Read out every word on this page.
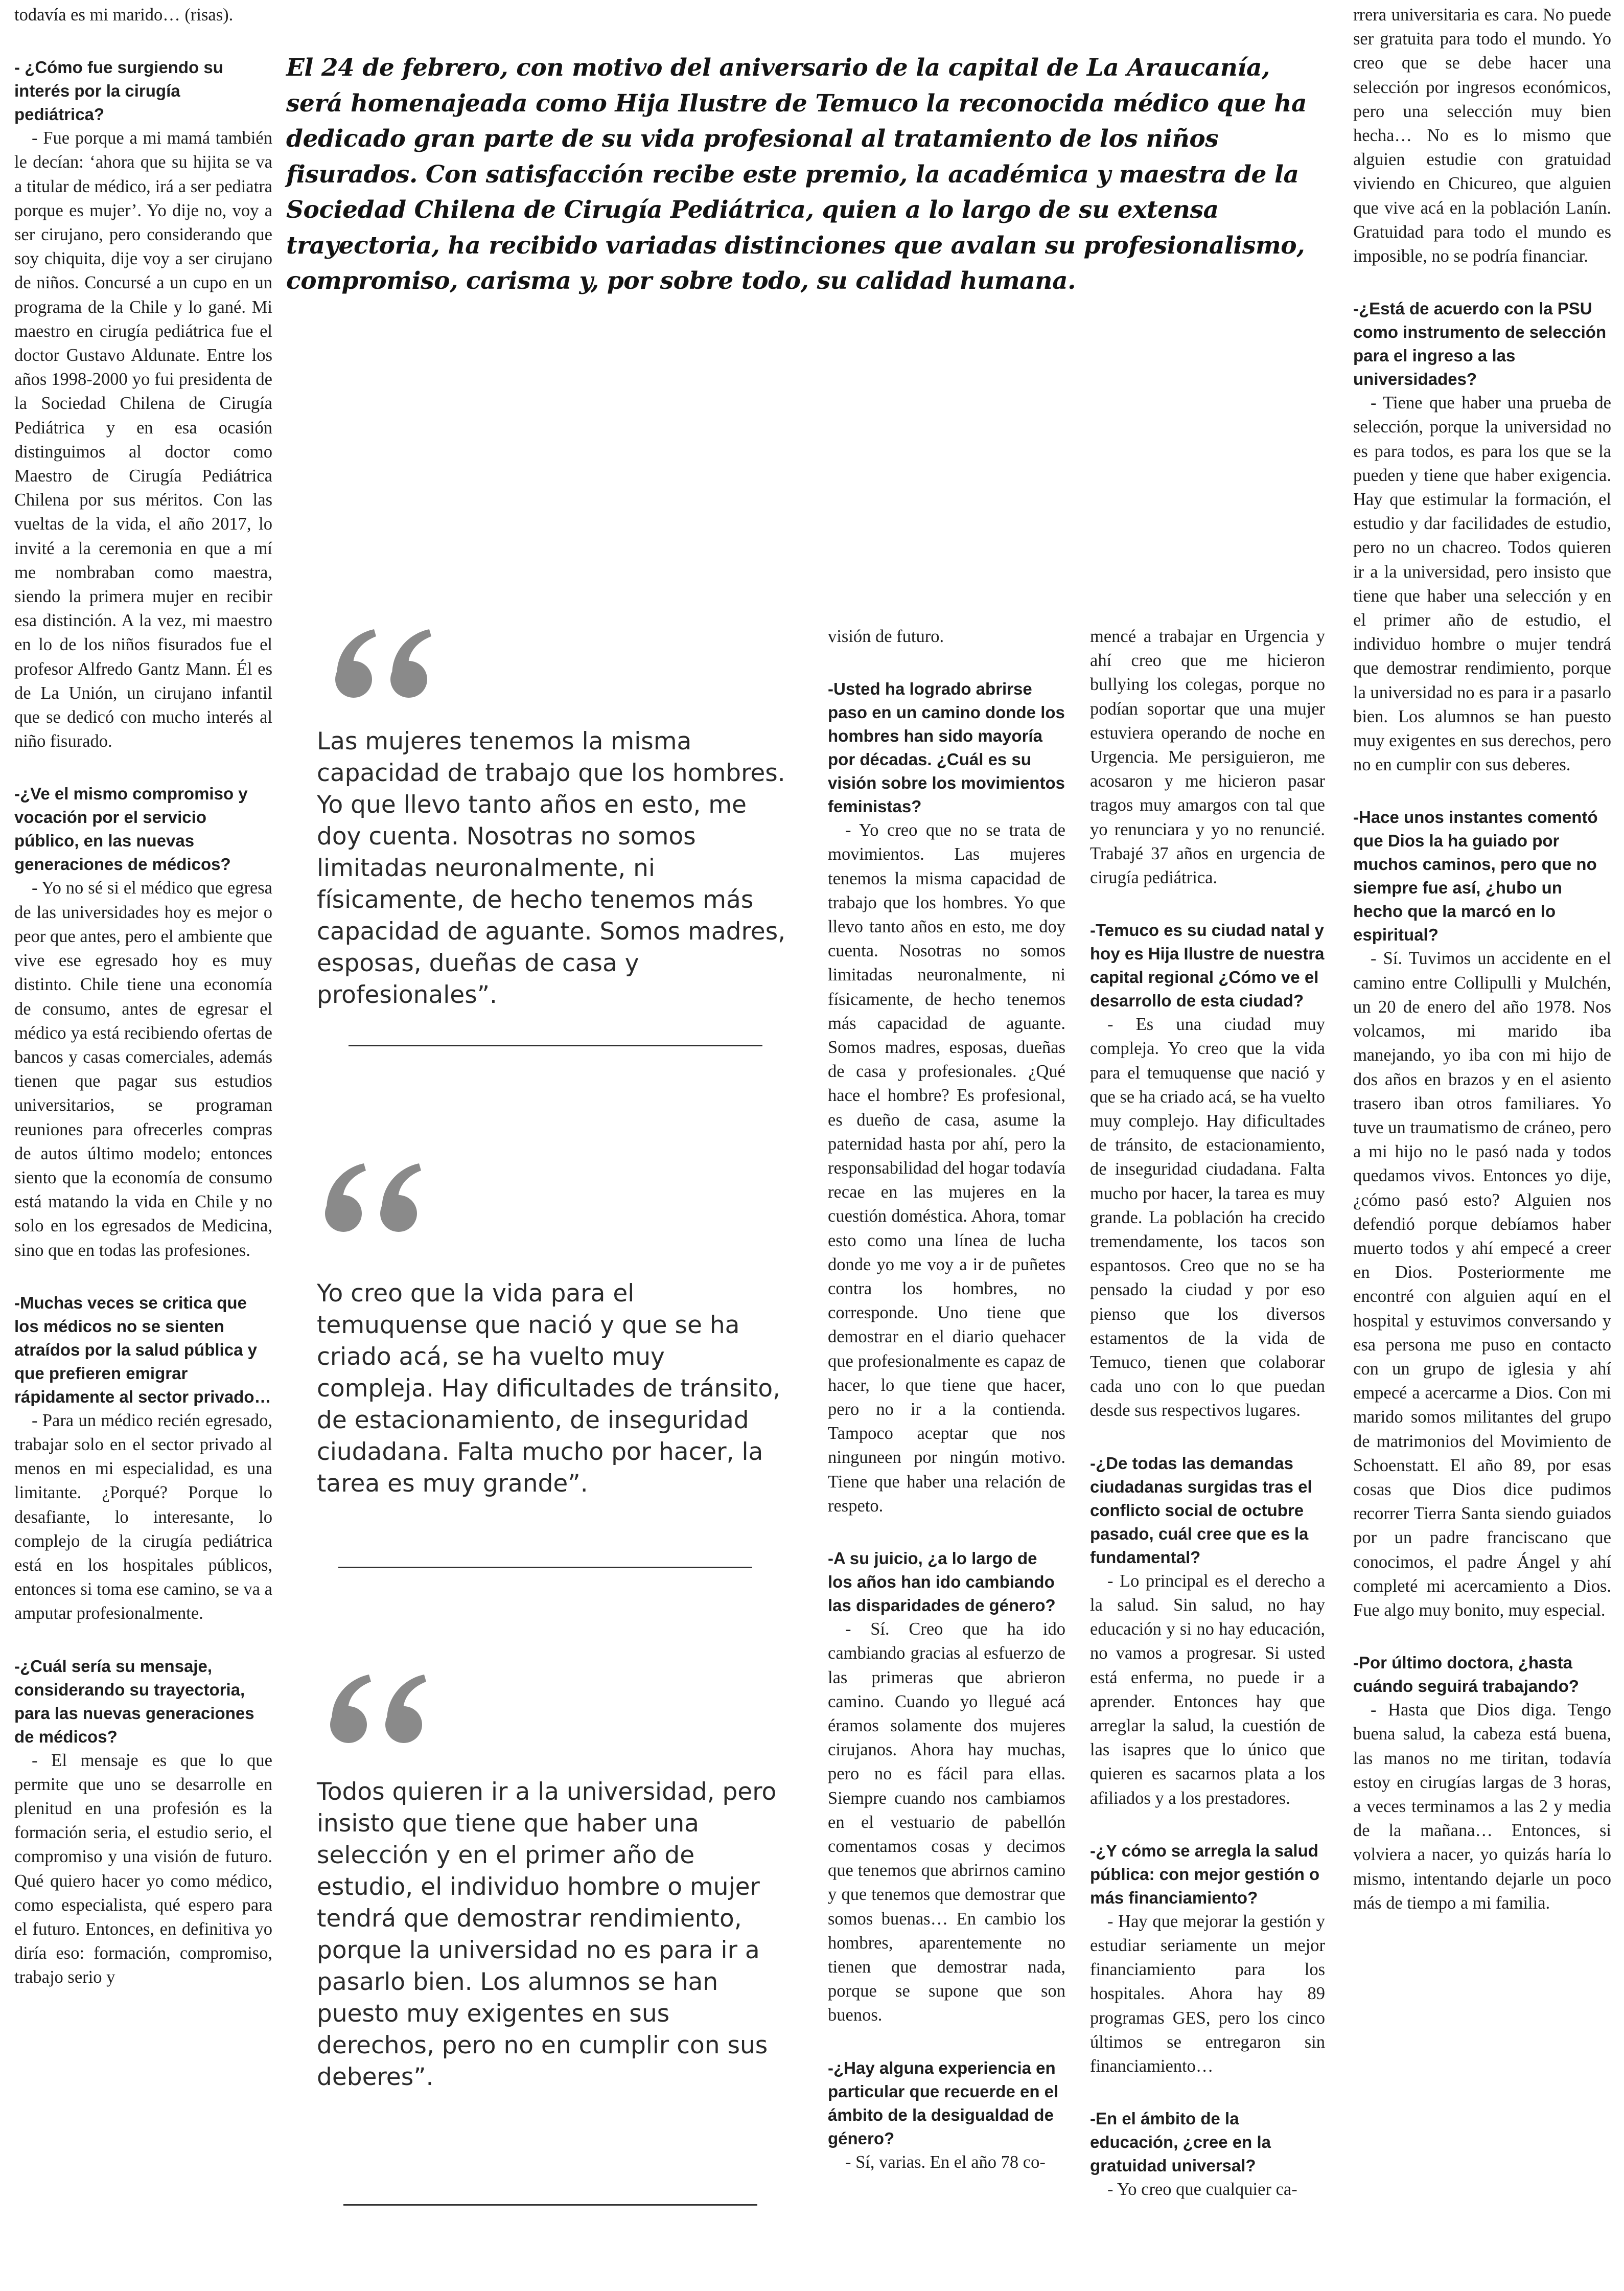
todavía es mi marido… (risas).

- ¿Cómo fue surgiendo su interés por la cirugía pediátrica?

- Fue porque a mi mamá también le decían: ‘ahora que su hijita se va a titular de médico, irá a ser pediatra porque es mujer’. Yo dije no, voy a ser cirujano, pero considerando que soy chiquita, dije voy a ser cirujano de niños. Concursé a un cupo en un programa de la Chile y lo gané. Mi maestro en cirugía pediátrica fue el doctor Gustavo Aldunate. Entre los años 1998-2000 yo fui presidenta de la Sociedad Chilena de Cirugía Pediátrica y en esa ocasión distinguimos al doctor como Maestro de Cirugía Pediátrica Chilena por sus méritos. Con las vueltas de la vida, el año 2017, lo invité a la ceremonia en que a mí me nombraban como maestra, siendo la primera mujer en recibir esa distinción. A la vez, mi maestro en lo de los niños fisurados fue el profesor Alfredo Gantz Mann. Él es de La Unión, un cirujano infantil que se dedicó con mucho interés al niño fisurado.

-¿Ve el mismo compromiso y vocación por el servicio público, en las nuevas generaciones de médicos?

- Yo no sé si el médico que egresa de las universidades hoy es mejor o peor que antes, pero el ambiente que vive ese egresado hoy es muy distinto. Chile tiene una economía de consumo, antes de egresar el médico ya está recibiendo ofertas de bancos y casas comerciales, además tienen que pagar sus estudios universitarios, se programan reuniones para ofrecerles compras de autos último modelo; entonces siento que la economía de consumo está matando la vida en Chile y no solo en los egresados de Medicina, sino que en todas las profesiones.

-Muchas veces se critica que los médicos no se sienten atraídos por la salud pública y que prefieren emigrar rápidamente al sector privado…

- Para un médico recién egresado, trabajar solo en el sector privado al menos en mi especialidad, es una limitante. ¿Porqué? Porque lo desafiante, lo interesante, lo complejo de la cirugía pediátrica está en los hospitales públicos, entonces si toma ese camino, se va a amputar profesionalmente.

-¿Cuál sería su mensaje, considerando su trayectoria, para las nuevas generaciones de médicos?

- El mensaje es que lo que permite que uno se desarrolle en plenitud en una profesión es la formación seria, el estudio serio, el compromiso y una visión de futuro. Qué quiero hacer yo como médico, como especialista, qué espero para el futuro. Entonces, en definitiva yo diría eso: formación, compromiso, trabajo serio y

El 24 de febrero, con motivo del aniversario de la capital de La Araucanía, será homenajeada como Hija Ilustre de Temuco la reconocida médico que ha dedicado gran parte de su vida profesional al tratamiento de los niños fisurados. Con satisfacción recibe este premio, la académica y maestra de la Sociedad Chilena de Cirugía Pediátrica, quien a lo largo de su extensa trayectoria, ha recibido variadas distinciones que avalan su profesionalismo, compromiso, carisma y, por sobre todo, su calidad humana.
Las mujeres tenemos la misma capacidad de trabajo que los hombres. Yo que llevo tanto años en esto, me doy cuenta. Nosotras no somos limitadas neuronalmente, ni físicamente, de hecho tenemos más capacidad de aguante. Somos madres, esposas, dueñas de casa y profesionales”.
Yo creo que la vida para el temuquense que nació y que se ha criado acá, se ha vuelto muy compleja. Hay dificultades de tránsito, de estacionamiento, de inseguridad ciudadana. Falta mucho por hacer, la tarea es muy grande”.
Todos quieren ir a la universidad, pero insisto que tiene que haber una selección y en el primer año de estudio, el individuo hombre o mujer tendrá que demostrar rendimiento, porque la universidad no es para ir a pasarlo bien. Los alumnos se han puesto muy exigentes en sus derechos, pero no en cumplir con sus deberes”.

visión de futuro.

-Usted ha logrado abrirse paso en un camino donde los hombres han sido mayoría por décadas. ¿Cuál es su visión sobre los movimientos feministas?

- Yo creo que no se trata de movimientos. Las mujeres tenemos la misma capacidad de trabajo que los hombres. Yo que llevo tanto años en esto, me doy cuenta. Nosotras no somos limitadas neuronalmente, ni físicamente, de hecho tenemos más capacidad de aguante. Somos madres, esposas, dueñas de casa y profesionales. ¿Qué hace el hombre? Es profesional, es dueño de casa, asume la paternidad hasta por ahí, pero la responsabilidad del hogar todavía recae en las mujeres en la cuestión doméstica. Ahora, tomar esto como una línea de lucha donde yo me voy a ir de puñetes contra los hombres, no corresponde. Uno tiene que demostrar en el diario quehacer que profesionalmente es capaz de hacer, lo que tiene que hacer, pero no ir a la contienda. Tampoco aceptar que nos ninguneen por ningún motivo. Tiene que haber una relación de respeto.

-A su juicio, ¿a lo largo de los años han ido cambiando las disparidades de género?

- Sí. Creo que ha ido cambiando gracias al esfuerzo de las primeras que abrieron camino. Cuando yo llegué acá éramos solamente dos mujeres cirujanos. Ahora hay muchas, pero no es fácil para ellas. Siempre cuando nos cambiamos en el vestuario de pabellón comentamos cosas y decimos que tenemos que abrirnos camino y que tenemos que demostrar que somos buenas… En cambio los hombres, aparentemente no tienen que demostrar nada, porque se supone que son buenos.

-¿Hay alguna experiencia en particular que recuerde en el ámbito de la desigualdad de género?

- Sí, varias. En el año 78 co-

mencé a trabajar en Urgencia y ahí creo que me hicieron bullying los colegas, porque no podían soportar que una mujer estuviera operando de noche en Urgencia. Me persiguieron, me acosaron y me hicieron pasar tragos muy amargos con tal que yo renunciara y yo no renuncié. Trabajé 37 años en urgencia de cirugía pediátrica.

-Temuco es su ciudad natal y hoy es Hija Ilustre de nuestra capital regional ¿Cómo ve el desarrollo de esta ciudad?

- Es una ciudad muy compleja. Yo creo que la vida para el temuquense que nació y que se ha criado acá, se ha vuelto muy complejo. Hay dificultades de tránsito, de estacionamiento, de inseguridad ciudadana. Falta mucho por hacer, la tarea es muy grande. La población ha crecido tremendamente, los tacos son espantosos. Creo que no se ha pensado la ciudad y por eso pienso que los diversos estamentos de la vida de Temuco, tienen que colaborar cada uno con lo que puedan desde sus respectivos lugares.

-¿De todas las demandas ciudadanas surgidas tras el conflicto social de octubre pasado, cuál cree que es la fundamental?

- Lo principal es el derecho a la salud. Sin salud, no hay educación y si no hay educación, no vamos a progresar. Si usted está enferma, no puede ir a aprender. Entonces hay que arreglar la salud, la cuestión de las isapres que lo único que quieren es sacarnos plata a los afiliados y a los prestadores.

-¿Y cómo se arregla la salud pública: con mejor gestión o más financiamiento?

- Hay que mejorar la gestión y estudiar seriamente un mejor financiamiento para los hospitales. Ahora hay 89 programas GES, pero los cinco últimos se entregaron sin financiamiento…

-En el ámbito de la educación, ¿cree en la gratuidad universal?

- Yo creo que cualquier ca-

rrera universitaria es cara. No puede ser gratuita para todo el mundo. Yo creo que se debe hacer una selección por ingresos económicos, pero una selección muy bien hecha… No es lo mismo que alguien estudie con gratuidad viviendo en Chicureo, que alguien que vive acá en la población Lanín. Gratuidad para todo el mundo es imposible, no se podría financiar.

-¿Está de acuerdo con la PSU como instrumento de selección para el ingreso a las universidades?

- Tiene que haber una prueba de selección, porque la universidad no es para todos, es para los que se la pueden y tiene que haber exigencia. Hay que estimular la formación, el estudio y dar facilidades de estudio, pero no un chacreo. Todos quieren ir a la universidad, pero insisto que tiene que haber una selección y en el primer año de estudio, el individuo hombre o mujer tendrá que demostrar rendimiento, porque la universidad no es para ir a pasarlo bien. Los alumnos se han puesto muy exigentes en sus derechos, pero no en cumplir con sus deberes.

-Hace unos instantes comentó que Dios la ha guiado por muchos caminos, pero que no siempre fue así, ¿hubo un hecho que la marcó en lo espiritual?

- Sí. Tuvimos un accidente en el camino entre Collipulli y Mulchén, un 20 de enero del año 1978. Nos volcamos, mi marido iba manejando, yo iba con mi hijo de dos años en brazos y en el asiento trasero iban otros familiares. Yo tuve un traumatismo de cráneo, pero a mi hijo no le pasó nada y todos quedamos vivos. Entonces yo dije, ¿cómo pasó esto? Alguien nos defendió porque debíamos haber muerto todos y ahí empecé a creer en Dios. Posteriormente me encontré con alguien aquí en el hospital y estuvimos conversando y esa persona me puso en contacto con un grupo de iglesia y ahí empecé a acercarme a Dios. Con mi marido somos militantes del grupo de matrimonios del Movimiento de Schoenstatt. El año 89, por esas cosas que Dios dice pudimos recorrer Tierra Santa siendo guiados por un padre franciscano que conocimos, el padre Ángel y ahí completé mi acercamiento a Dios. Fue algo muy bonito, muy especial.

-Por último doctora, ¿hasta cuándo seguirá trabajando?

- Hasta que Dios diga. Tengo buena salud, la cabeza está buena, las manos no me tiritan, todavía estoy en cirugías largas de 3 horas, a veces terminamos a las 2 y media de la mañana… Entonces, si volviera a nacer, yo quizás haría lo mismo, intentando dejarle un poco más de tiempo a mi familia.
